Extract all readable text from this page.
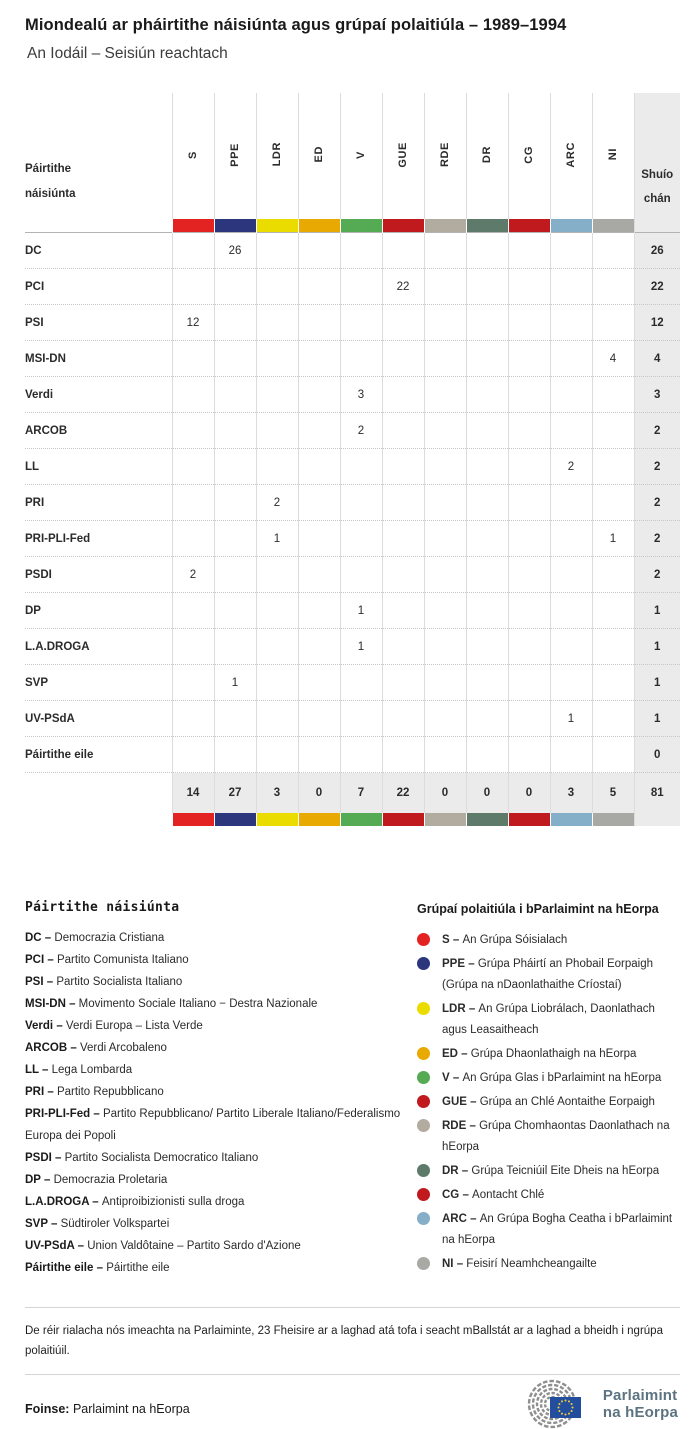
Miondealú ar pháirtithe náisiúnta agus grúpaí polaitiúla – 1989–1994
An Iodáil – Seisiún reachtach
Páirtithe
náisiúnta
	S	PPE	LDR	ED	V	GUE	RDE	DR	CG	ARC	NI	
Shuío
chán

DC		26										26
PCI						22						22
PSI	12											12
MSI-DN											4	4
Verdi					3							3
ARCOB					2							2
LL										2		2
PRI			2									2
PRI-PLI-Fed			1								1	2
PSDI	2											2
DP					1							1
L.A.DROGA					1							1
SVP		1										1
UV-PSdA										1		1
Páirtithe eile												0
	14	27	3	0	7	22	0	0	0	3	5	81

Páirtithe náisiúnta
DC – Democrazia Cristiana
PCI – Partito Comunista Italiano
PSI – Partito Socialista Italiano
MSI-DN – Movimento Sociale Italiano − Destra Nazionale
Verdi – Verdi Europa – Lista Verde
ARCOB – Verdi Arcobaleno
LL – Lega Lombarda
PRI – Partito Repubblicano
PRI-PLI-Fed – Partito Repubblicano/ Partito Liberale Italiano/Federalismo Europa dei Popoli
PSDI – Partito Socialista Democratico Italiano
DP – Democrazia Proletaria
L.A.DROGA – Antiproibizionisti sulla droga
SVP – Südtiroler Volkspartei
UV-PSdA – Union Valdôtaine – Partito Sardo d'Azione
Páirtithe eile – Páirtithe eile
Grúpaí polaitiúla i bParlaimint na hEorpa
S – An Grúpa Sóisialach
PPE – Grúpa Pháirtí an Phobail Eorpaigh (Grúpa na nDaonlathaithe Críostaí)
LDR – An Grúpa Liobrálach, Daonlathach agus Leasaitheach
ED – Grúpa Dhaonlathaigh na hEorpa
V – An Grúpa Glas i bParlaimint na hEorpa
GUE – Grúpa an Chlé Aontaithe Eorpaigh
RDE – Grúpa Chomhaontas Daonlathach na hEorpa
DR – Grúpa Teicniúil Eite Dheis na hEorpa
CG – Aontacht Chlé
ARC – An Grúpa Bogha Ceatha i bParlaimint na hEorpa
NI – Feisirí Neamhcheangailte

De réir rialacha nós imeachta na Parlaiminte, 23 Fheisire ar a laghad atá tofa i seacht mBallstát ar a laghad a bheidh i ngrúpa polaitiúil.

Foinse: Parlaimint na hEorpa
Parlaimint
na hEorpa
